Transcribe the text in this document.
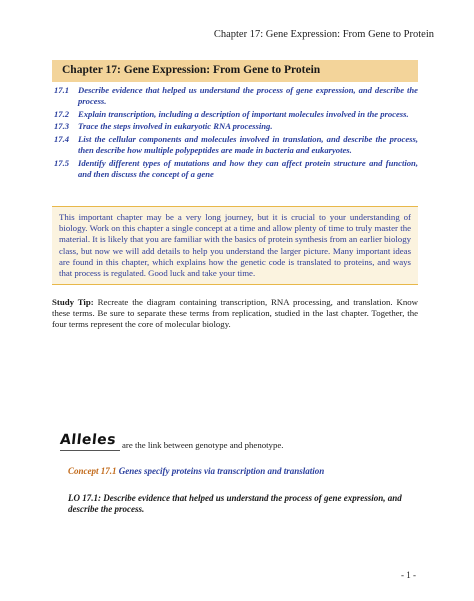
Chapter 17: Gene Expression: From Gene to Protein
Chapter 17: Gene Expression: From Gene to Protein
17.1	Describe evidence that helped us understand the process of gene expression, and describe the process.
17.2	Explain transcription, including a description of important molecules involved in the process.
17.3	Trace the steps involved in eukaryotic RNA processing.
17.4	List the cellular components and molecules involved in translation, and describe the process, then describe how multiple polypeptides are made in bacteria and eukaryotes.
17.5	Identify different types of mutations and how they can affect protein structure and function, and then discuss the concept of a gene
This important chapter may be a very long journey, but it is crucial to your understanding of biology. Work on this chapter a single concept at a time and allow plenty of time to truly master the material. It is likely that you are familiar with the basics of protein synthesis from an earlier biology class, but now we will add details to help you understand the larger picture. Many important ideas are found in this chapter, which explains how the genetic code is translated to proteins, and ways that process is regulated. Good luck and take your time.
Study Tip: Recreate the diagram containing transcription, RNA processing, and translation. Know these terms. Be sure to separate these terms from replication, studied in the last chapter. Together, the four terms represent the core of molecular biology.
Alleles are the link between genotype and phenotype.
Concept 17.1 Genes specify proteins via transcription and translation
LO 17.1: Describe evidence that helped us understand the process of gene expression, and describe the process.
- 1 -
